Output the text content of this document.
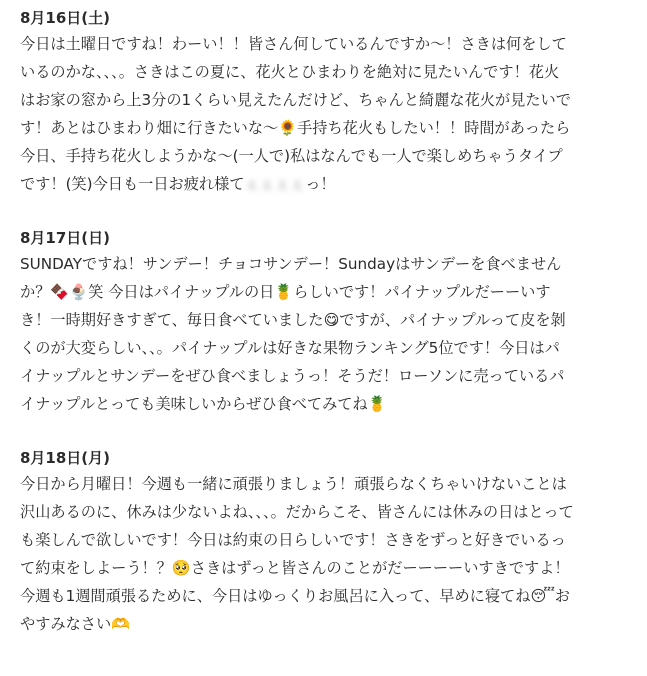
8月16日(土)
今日は土曜日ですね！わーい！！皆さん何しているんですか〜！さきは何をして
いるのかな、、、。さきはこの夏に、花火とひまわりを絶対に見たいんです！花火
はお家の窓から上3分の1くらい見えたんだけど、ちゃんと綺麗な花火が見たいで
す！あとはひまわり畑に行きたいな〜🌻手持ち花火もしたい！！時間があったら
今日、手持ち花火しようかな〜(一人で)私はなんでも一人で楽しめちゃうタイプ
です！(笑)今日も一日お疲れ様てぇぇぇぇっ！
8月17日(日)
SUNDAYですね！サンデー！チョコサンデー！Sundayはサンデーを食べません
か？🍫🍨笑 今日はパイナップルの日🍍らしいです！パイナップルだーーいす
き！一時期好きすぎて、毎日食べていました😋ですが、パイナップルって皮を剝
くのが大変らしい、、。パイナップルは好きな果物ランキング5位です！今日はパ
イナップルとサンデーをぜひ食べましょうっ！そうだ！ローソンに売っているパ
イナップルとっても美味しいからぜひ食べてみてね🍍
8月18日(月)
今日から月曜日！今週も一緒に頑張りましょう！頑張らなくちゃいけないことは
沢山あるのに、休みは少ないよね、、、。だからこそ、皆さんには休みの日はとって
も楽しんで欲しいです！今日は約束の日らしいです！さきをずっと好きでいるっ
て約束をしよーう！？🥺さきはずっと皆さんのことがだーーーーいすきですよ！
今週も1週間頑張るために、今日はゆっくりお風呂に入って、早めに寝てね😴お
やすみなさい🫶
